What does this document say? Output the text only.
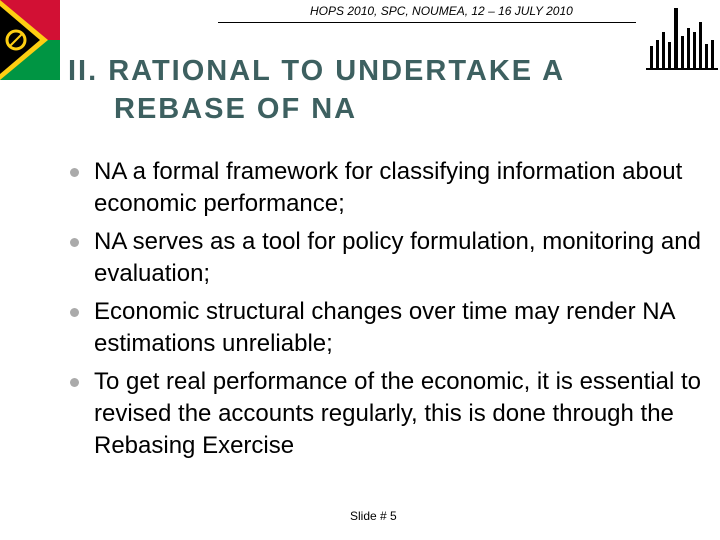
HOPS 2010, SPC, NOUMEA, 12 – 16 JULY 2010
II. RATIONAL TO UNDERTAKE A
REBASE OF NA
NA a formal framework for classifying information about economic performance;
NA serves as a tool for policy formulation, monitoring and evaluation;
Economic structural changes over time may render NA estimations unreliable;
To get real performance of the economic, it is essential to revised the accounts regularly, this is done through the Rebasing Exercise
Slide # 5
